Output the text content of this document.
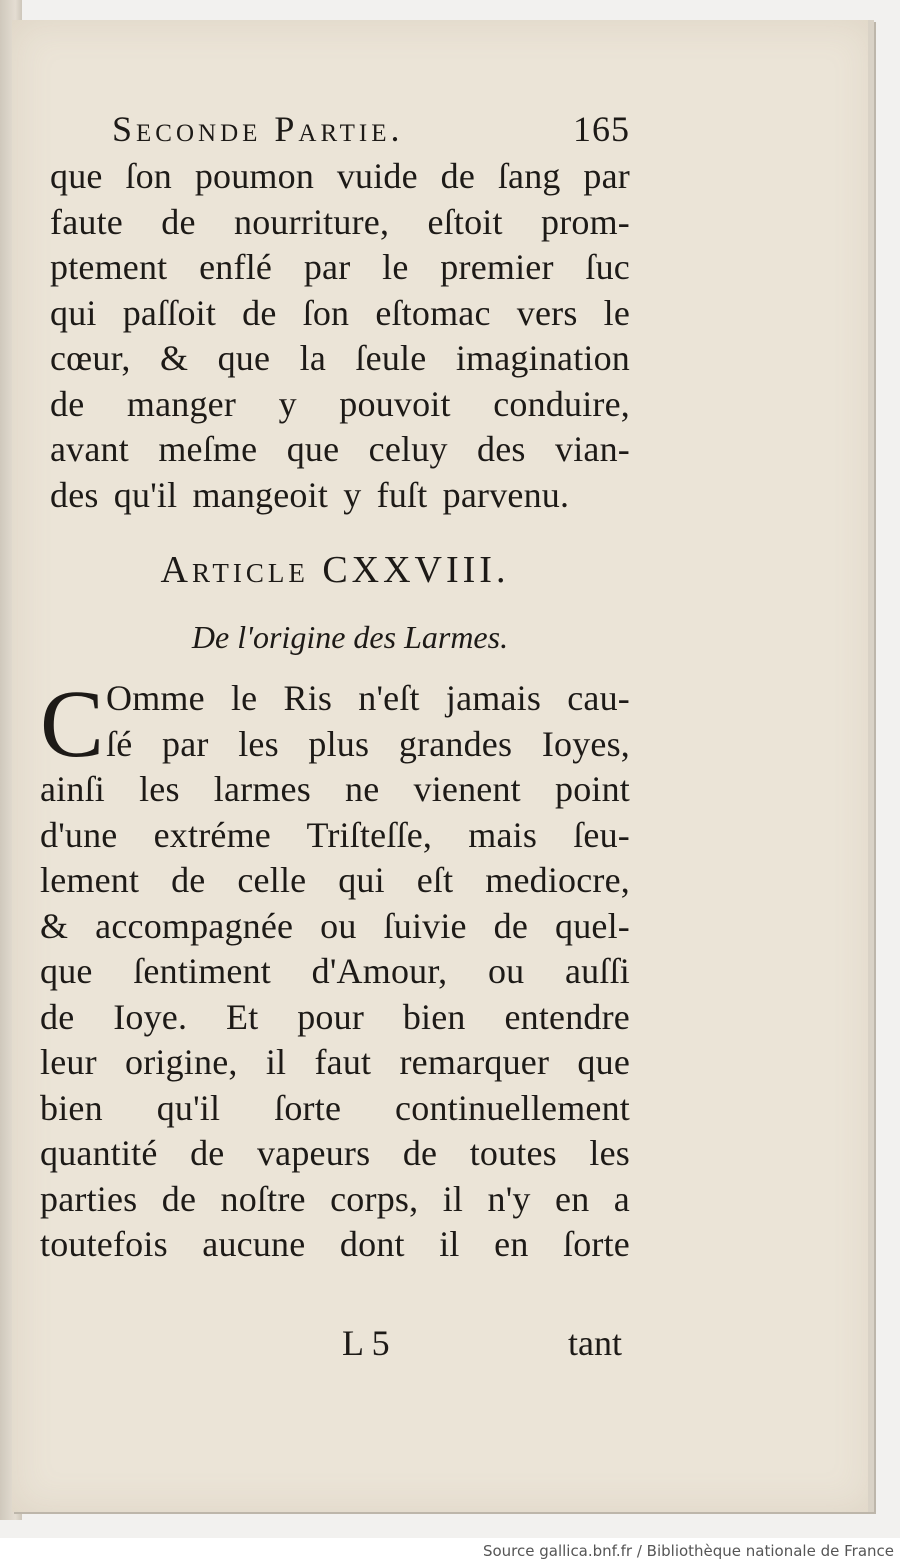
Seconde Partie.	165
que ſon poumon vuide de ſang par
faute de nourriture, eſtoit prom-
ptement enflé par le premier ſuc
qui paſſoit de ſon eſtomac vers le
cœur, & que la ſeule imagination
de manger y pouvoit conduire,
avant meſme que celuy des vian-
des qu'il mangeoit y fuſt parvenu.
Article CXXVIII.
De l'origine des Larmes.
C Omme le Ris n'eſt jamais cau-
ſé par les plus grandes Ioyes,
ainſi les larmes ne vienent point
d'une extréme Triſteſſe, mais ſeu-
lement de celle qui eſt mediocre,
& accompagnée ou ſuivie de quel-
que ſentiment d'Amour, ou auſſi
de Ioye. Et pour bien entendre
leur origine, il faut remarquer que
bien qu'il ſorte continuellement
quantité de vapeurs de toutes les
parties de noſtre corps, il n'y en a
toutefois aucune dont il en ſorte
L 5	tant
Source gallica.bnf.fr / Bibliothèque nationale de France
